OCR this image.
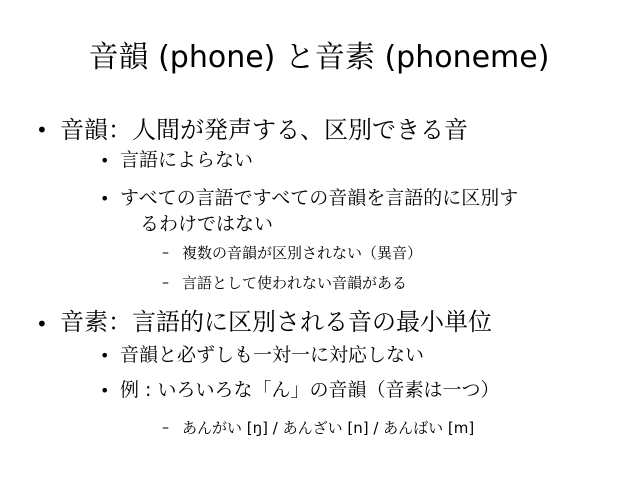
音韻 (phone) と音素 (phoneme)
• 音韻：人間が発声する、区別できる音
• 言語によらない
• すべての言語ですべての音韻を言語的に区別す
るわけではない
– 複数の音韻が区別されない（異音）
– 言語として使われない音韻がある
• 音素：言語的に区別される音の最小単位
• 音韻と必ずしも一対一に対応しない
• 例 : いろいろな「ん」の音韻（音素は一つ）
– あんがい [ŋ] / あんざい [n] / あんばい [m]
